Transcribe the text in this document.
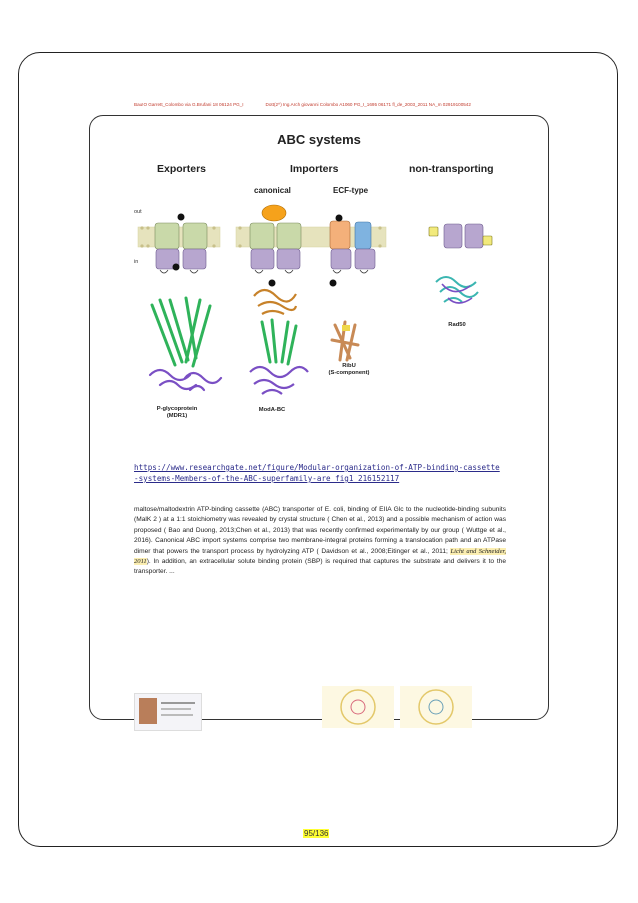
Bau!O Garrett_Colombo via G.Brufani 18 06124 PG_I	Dott(2^) Ing.Arch giovanni Colombo A1060 PG_I_1695 06171 fl_de_2003_2011 NA_m 02919100542
ABC systems
Exporters	Importers	non-transporting
canonical	ECF-type
out
in
P-glycoprotein
(MDR1)
ModA-BC
RibU
(S-component)
Rad50
https://www.researchgate.net/figure/Modular-organization-of-ATP-binding-cassette-systems-Members-of-the-ABC-superfamily-are_fig1_216152117
maltose/maltodextrin ATP-binding cassette (ABC) transporter of E. coli, binding of EIIA Glc to the nucleotide-binding subunits (MalK 2 ) at a 1:1 stoichiometry was revealed by crystal structure ( Chen et al., 2013) and a possible mechanism of action was proposed ( Bao and Duong, 2013;Chen et al., 2013) that was recently confirmed experimentally by our group ( Wuttge et al., 2016). Canonical ABC import systems comprise two membrane-integral proteins forming a translocation path and an ATPase dimer that powers the transport process by hydrolyzing ATP ( Davidson et al., 2008;Eitinger et al., 2011; Licht and Schneider, 2011). In addition, an extracellular solute binding protein (SBP) is required that captures the substrate and delivers it to the transporter. ...
95/136
